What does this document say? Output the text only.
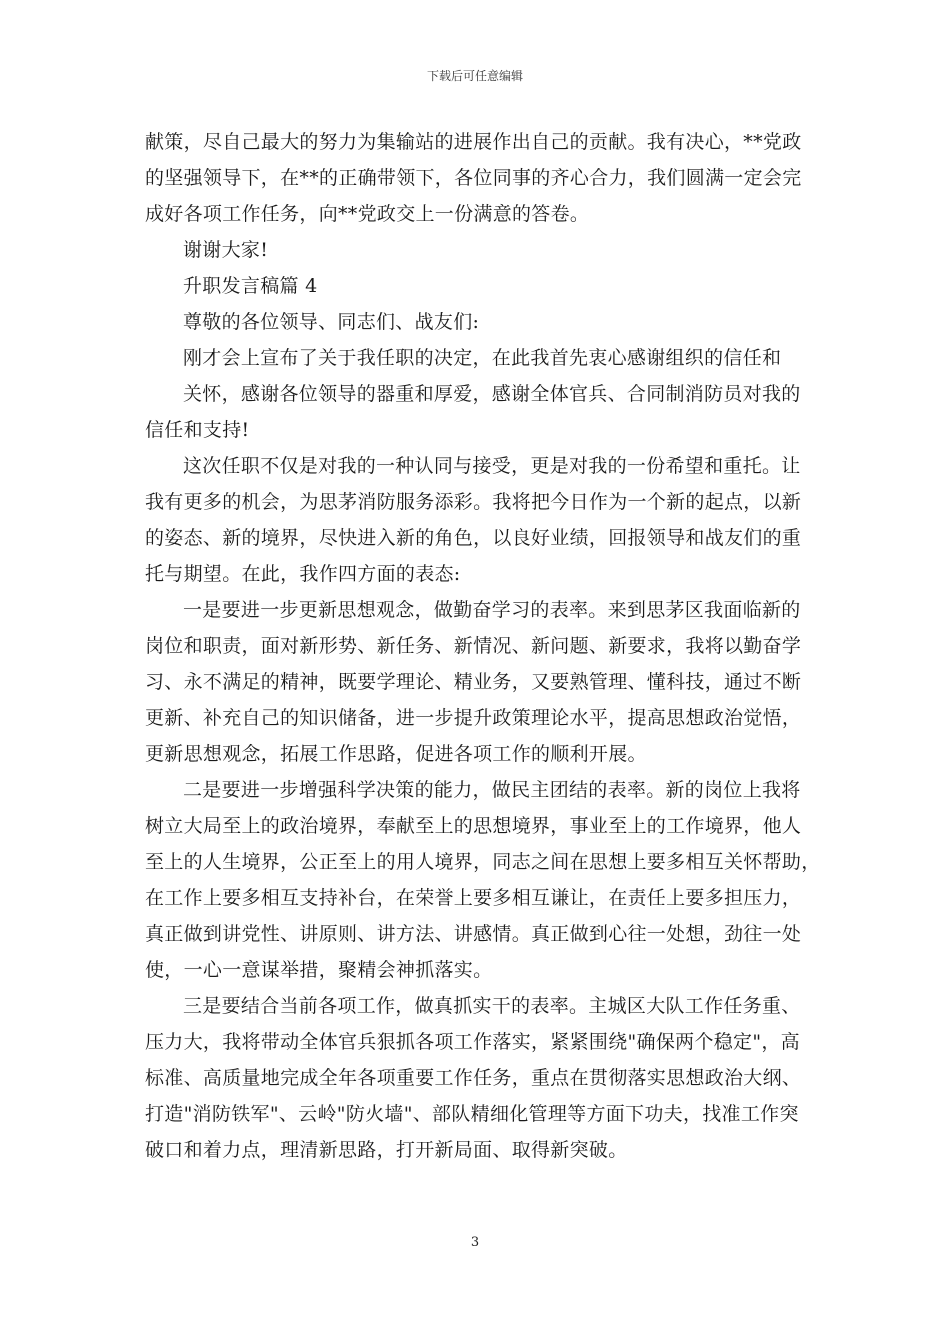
下载后可任意编辑

献策，尽自己最大的努力为集输站的进展作出自己的贡献。我有决心，**党政

的坚强领导下，在**的正确带领下，各位同事的齐心合力，我们圆满一定会完

成好各项工作任务，向**党政交上一份满意的答卷。

谢谢大家!

升职发言稿篇 4

尊敬的各位领导、同志们、战友们:

刚才会上宣布了关于我任职的决定，在此我首先衷心感谢组织的信任和

关怀，感谢各位领导的器重和厚爱，感谢全体官兵、合同制消防员对我的

信任和支持!

这次任职不仅是对我的一种认同与接受，更是对我的一份希望和重托。让

我有更多的机会，为思茅消防服务添彩。我将把今日作为一个新的起点，以新

的姿态、新的境界，尽快进入新的角色，以良好业绩，回报领导和战友们的重

托与期望。在此，我作四方面的表态:

一是要进一步更新思想观念，做勤奋学习的表率。来到思茅区我面临新的

岗位和职责，面对新形势、新任务、新情况、新问题、新要求，我将以勤奋学

习、永不满足的精神，既要学理论、精业务，又要熟管理、懂科技，通过不断

更新、补充自己的知识储备，进一步提升政策理论水平，提高思想政治觉悟，

更新思想观念，拓展工作思路，促进各项工作的顺利开展。

二是要进一步增强科学决策的能力，做民主团结的表率。新的岗位上我将

树立大局至上的政治境界，奉献至上的思想境界，事业至上的工作境界，他人

至上的人生境界，公正至上的用人境界，同志之间在思想上要多相互关怀帮助，

在工作上要多相互支持补台，在荣誉上要多相互谦让，在责任上要多担压力，

真正做到讲党性、讲原则、讲方法、讲感情。真正做到心往一处想，劲往一处

使，一心一意谋举措，聚精会神抓落实。

三是要结合当前各项工作，做真抓实干的表率。主城区大队工作任务重、

压力大，我将带动全体官兵狠抓各项工作落实，紧紧围绕"确保两个稳定"，高

标准、高质量地完成全年各项重要工作任务，重点在贯彻落实思想政治大纲、

打造"消防铁军"、云岭"防火墙"、部队精细化管理等方面下功夫，找准工作突

破口和着力点，理清新思路，打开新局面、取得新突破。

3
